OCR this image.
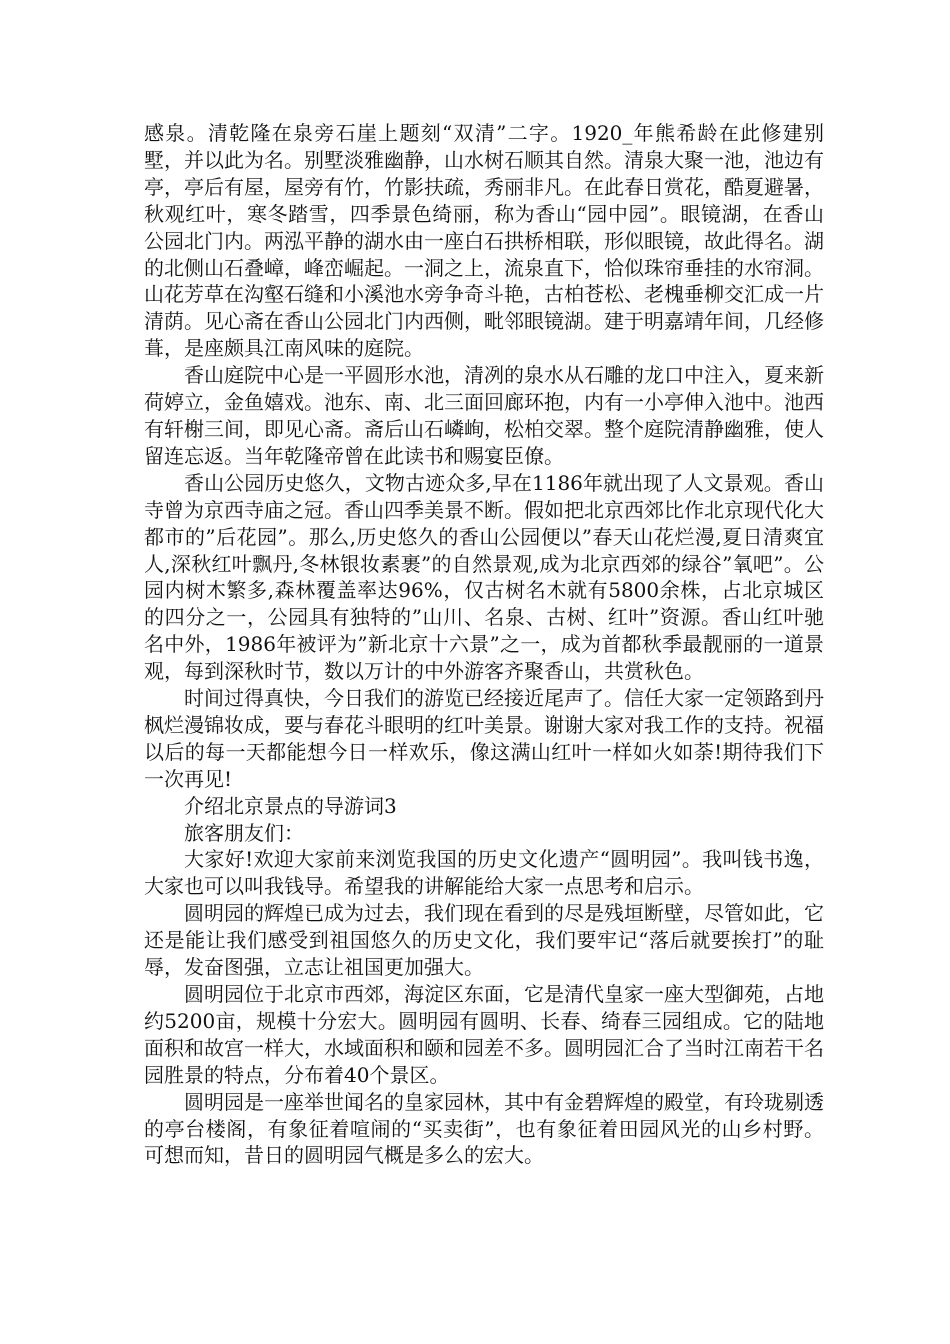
感泉。清乾隆在泉旁石崖上题刻“双清”二字。1920_年熊希龄在此修建别墅，并以此为名。别墅淡雅幽静，山水树石顺其自然。清泉大聚一池，池边有亭，亭后有屋，屋旁有竹，竹影扶疏，秀丽非凡。在此春日赏花，酷夏避暑，秋观红叶，寒冬踏雪，四季景色绮丽，称为香山“园中园”。眼镜湖，在香山公园北门内。两泓平静的湖水由一座白石拱桥相联，形似眼镜，故此得名。湖的北侧山石叠嶂，峰峦崛起。一洞之上，流泉直下，恰似珠帘垂挂的水帘洞。山花芳草在沟壑石缝和小溪池水旁争奇斗艳，古柏苍松、老槐垂柳交汇成一片清荫。见心斋在香山公园北门内西侧，毗邻眼镜湖。建于明嘉靖年间，几经修葺，是座颇具江南风味的庭院。

香山庭院中心是一平圆形水池，清冽的泉水从石雕的龙口中注入，夏来新荷婷立，金鱼嬉戏。池东、南、北三面回廊环抱，内有一小亭伸入池中。池西有轩榭三间，即见心斋。斋后山石嶙峋，松柏交翠。整个庭院清静幽雅，使人留连忘返。当年乾隆帝曾在此读书和赐宴臣僚。

香山公园历史悠久，文物古迹众多,早在1186年就出现了人文景观。香山寺曾为京西寺庙之冠。香山四季美景不断。假如把北京西郊比作北京现代化大都市的”后花园”。那么,历史悠久的香山公园便以”春天山花烂漫,夏日清爽宜人,深秋红叶飘丹,冬林银妆素裹”的自然景观,成为北京西郊的绿谷”氧吧”。公园内树木繁多,森林覆盖率达96%，仅古树名木就有5800余株，占北京城区的四分之一，公园具有独特的”山川、名泉、古树、红叶”资源。香山红叶驰名中外，1986年被评为”新北京十六景”之一，成为首都秋季最靓丽的一道景观，每到深秋时节，数以万计的中外游客齐聚香山，共赏秋色。

时间过得真快，今日我们的游览已经接近尾声了。信任大家一定领路到丹枫烂漫锦妆成，要与春花斗眼明的红叶美景。谢谢大家对我工作的支持。祝福以后的每一天都能想今日一样欢乐，像这满山红叶一样如火如荼!期待我们下一次再见!

介绍北京景点的导游词3

旅客朋友们：

大家好!欢迎大家前来浏览我国的历史文化遗产“圆明园”。我叫钱书逸，大家也可以叫我钱导。希望我的讲解能给大家一点思考和启示。

圆明园的辉煌已成为过去，我们现在看到的尽是残垣断壁，尽管如此，它还是能让我们感受到祖国悠久的历史文化，我们要牢记“落后就要挨打”的耻辱，发奋图强，立志让祖国更加强大。

圆明园位于北京市西郊，海淀区东面，它是清代皇家一座大型御苑，占地约5200亩，规模十分宏大。圆明园有圆明、长春、绮春三园组成。它的陆地面积和故宫一样大，水域面积和颐和园差不多。圆明园汇合了当时江南若干名园胜景的特点，分布着40个景区。

圆明园是一座举世闻名的皇家园林，其中有金碧辉煌的殿堂，有玲珑剔透的亭台楼阁，有象征着喧闹的“买卖街”，也有象征着田园风光的山乡村野。可想而知，昔日的圆明园气概是多么的宏大。
